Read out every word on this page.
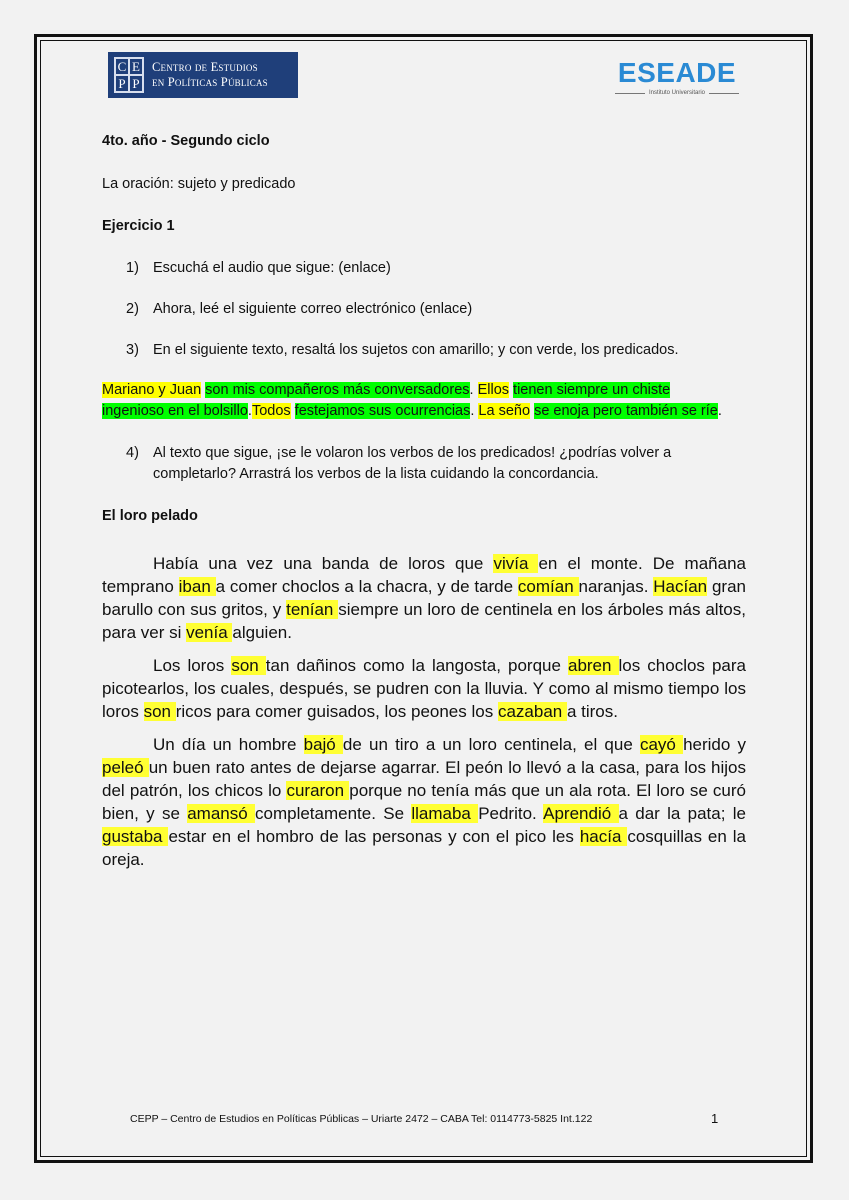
C E
P P
Centro de Estudios
en Políticas Públicas	ESEADE
Instituto Universitario
4to. año - Segundo ciclo
La oración: sujeto y predicado
Ejercicio 1
1) Escuchá el audio que sigue: (enlace)
2) Ahora, leé el siguiente correo electrónico (enlace)
3) En el siguiente texto, resaltá los sujetos con amarillo; y con verde, los predicados.
Mariano y Juan son mis compañeros más conversadores. Ellos tienen siempre un chiste ingenioso en el bolsillo.Todos festejamos sus ocurrencias. La seño se enoja pero también se ríe.
4) Al texto que sigue, ¡se le volaron los verbos de los predicados! ¿podrías volver a completarlo? Arrastrá los verbos de la lista cuidando la concordancia.
El loro pelado

Había una vez una banda de loros que vivía en el monte. De mañana temprano iban a comer choclos a la chacra, y de tarde comían naranjas. Hacían gran barullo con sus gritos, y tenían siempre un loro de centinela en los árboles más altos, para ver si venía alguien.

Los loros son tan dañinos como la langosta, porque abren los choclos para picotearlos, los cuales, después, se pudren con la lluvia. Y como al mismo tiempo los loros son ricos para comer guisados, los peones los cazaban a tiros.

Un día un hombre bajó de un tiro a un loro centinela, el que cayó herido y peleó un buen rato antes de dejarse agarrar. El peón lo llevó a la casa, para los hijos del patrón, los chicos lo curaron porque no tenía más que un ala rota. El loro se curó bien, y se amansó completamente. Se llamaba Pedrito. Aprendió a dar la pata; le gustaba estar en el hombro de las personas y con el pico les hacía cosquillas en la oreja.

CEPP – Centro de Estudios en Políticas Públicas – Uriarte 2472 – CABA Tel: 0114773-5825 Int.122	1
